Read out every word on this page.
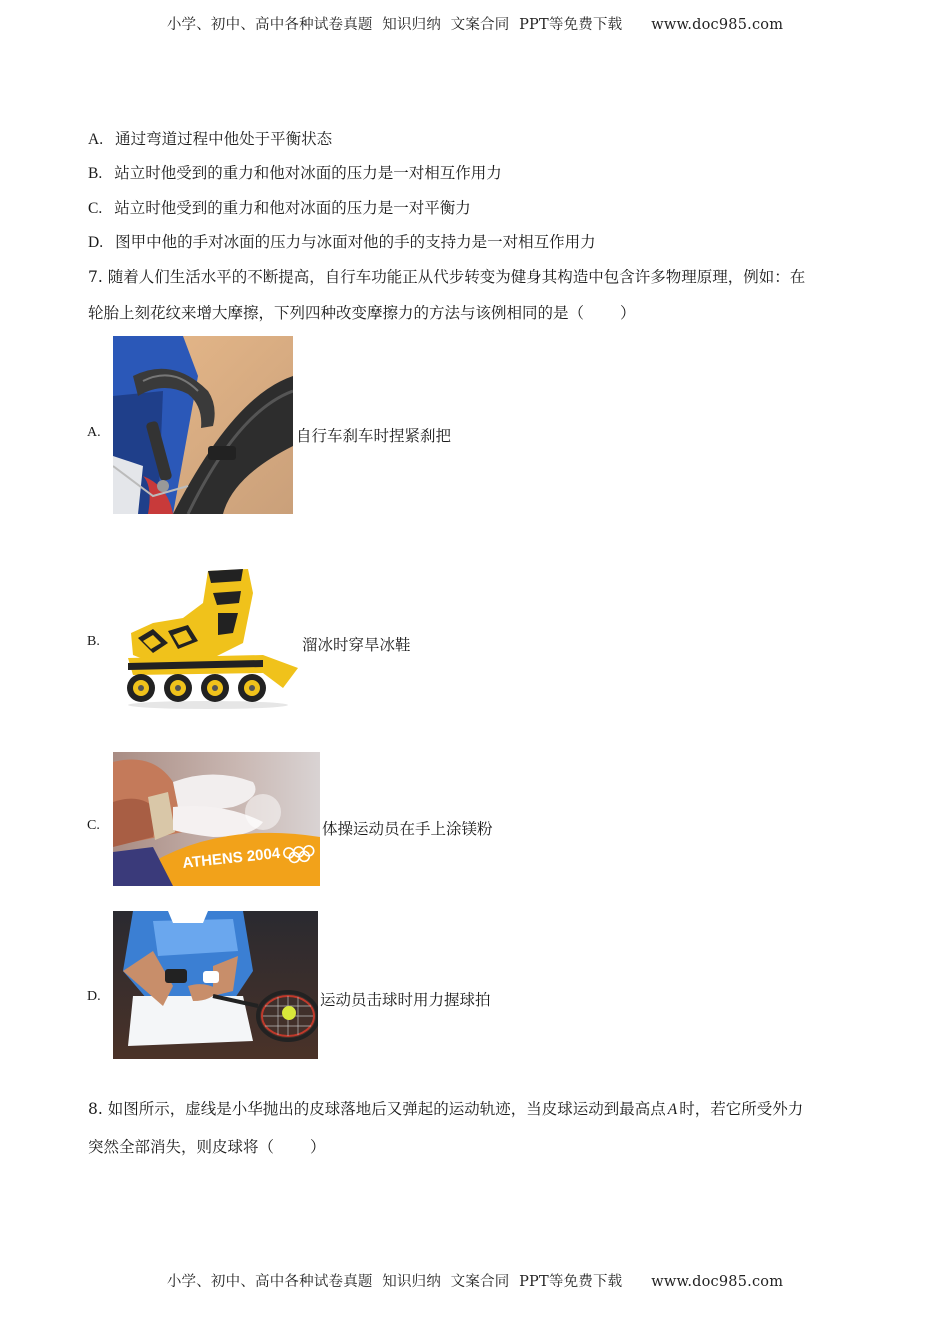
小学、初中、高中各种试卷真题  知识归纳  文案合同  PPT等免费下载      www.doc985.com
A. 通过弯道过程中他处于平衡状态
B. 站立时他受到的重力和他对冰面的压力是一对相互作用力
C. 站立时他受到的重力和他对冰面的压力是一对平衡力
D. 图甲中他的手对冰面的压力与冰面对他的手的支持力是一对相互作用力
7. 随着人们生活水平的不断提高，自行车功能正从代步转变为健身其构造中包含许多物理原理，例如：在
轮胎上刻花纹来增大摩擦，下列四种改变摩擦力的方法与该例相同的是（ ）
A.	自行车刹车时捏紧刹把
B.	溜冰时穿旱冰鞋
C.
ATHENS 2004
体操运动员在手上涂镁粉
D.	运动员击球时用力握球拍
8. 如图所示，虚线是小华抛出的皮球落地后又弹起的运动轨迹，当皮球运动到最高点 A 时，若它所受外力
突然全部消失，则皮球将（ ）
小学、初中、高中各种试卷真题  知识归纳  文案合同  PPT等免费下载      www.doc985.com
